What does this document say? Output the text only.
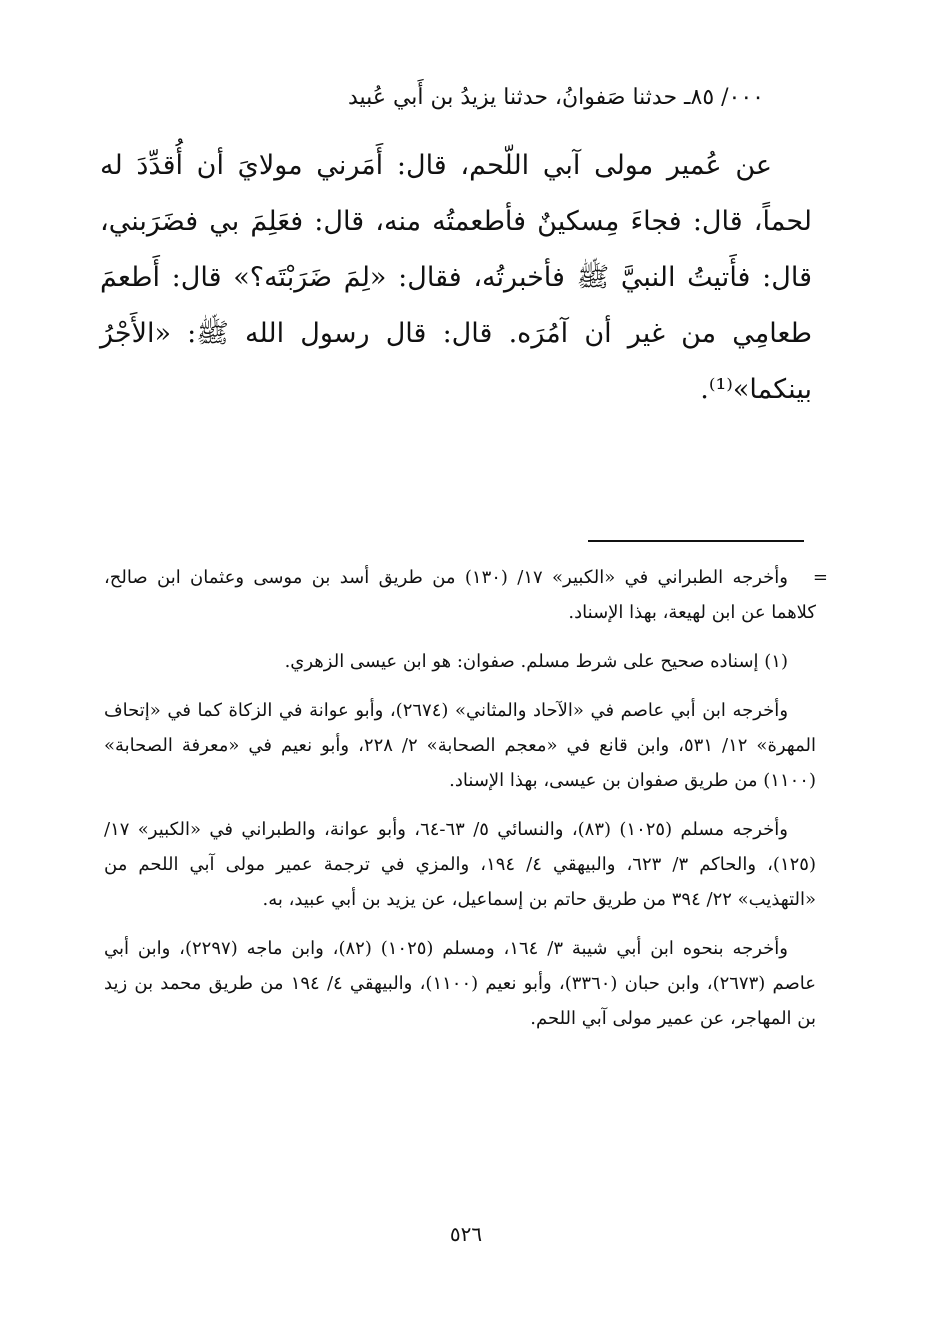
٠٠٠/ ٨٥ـ حدثنا صَفوانُ، حدثنا يزيدُ بن أَبي عُبيد

عن عُمير مولى آبي اللّحم، قال: أَمَرني مولايَ أن أُقدِّدَ له لحماً، قال: فجاءَ مِسكينٌ فأطعمتُه منه، قال: فعَلِمَ بي فضَرَبني، قال: فأَتيتُ النبيَّ ﷺ فأخبرتُه، فقال: «لِمَ ضَرَبْتَه؟» قال: أَطعمَ طعامِي من غير أن آمُرَه. قال: قال رسول الله ﷺ: «الأَجْرُ بينكما»⁽¹⁾.

=
وأخرجه الطبراني في «الكبير» ١٧/ (١٣٠) من طريق أسد بن موسى وعثمان ابن صالح، كلاهما عن ابن لهيعة، بهذا الإسناد.

(١) إسناده صحيح على شرط مسلم. صفوان: هو ابن عيسى الزهري.

وأخرجه ابن أبي عاصم في «الآحاد والمثاني» (٢٦٧٤)، وأبو عوانة في الزكاة كما في «إتحاف المهرة» ١٢/ ٥٣١، وابن قانع في «معجم الصحابة» ٢/ ٢٢٨، وأبو نعيم في «معرفة الصحابة» (١١٠٠) من طريق صفوان بن عيسى، بهذا الإسناد.

وأخرجه مسلم (١٠٢٥) (٨٣)، والنسائي ٥/ ٦٣-٦٤، وأبو عوانة، والطبراني في «الكبير» ١٧/ (١٢٥)، والحاكم ٣/ ٦٢٣، والبيهقي ٤/ ١٩٤، والمزي في ترجمة عمير مولى آبي اللحم من «التهذيب» ٢٢/ ٣٩٤ من طريق حاتم بن إسماعيل، عن يزيد بن أبي عبيد، به.

وأخرجه بنحوه ابن أبي شيبة ٣/ ١٦٤، ومسلم (١٠٢٥) (٨٢)، وابن ماجه (٢٢٩٧)، وابن أبي عاصم (٢٦٧٣)، وابن حبان (٣٣٦٠)، وأبو نعيم (١١٠٠)، والبيهقي ٤/ ١٩٤ من طريق محمد بن زيد بن المهاجر، عن عمير مولى آبي اللحم.

٥٢٦
